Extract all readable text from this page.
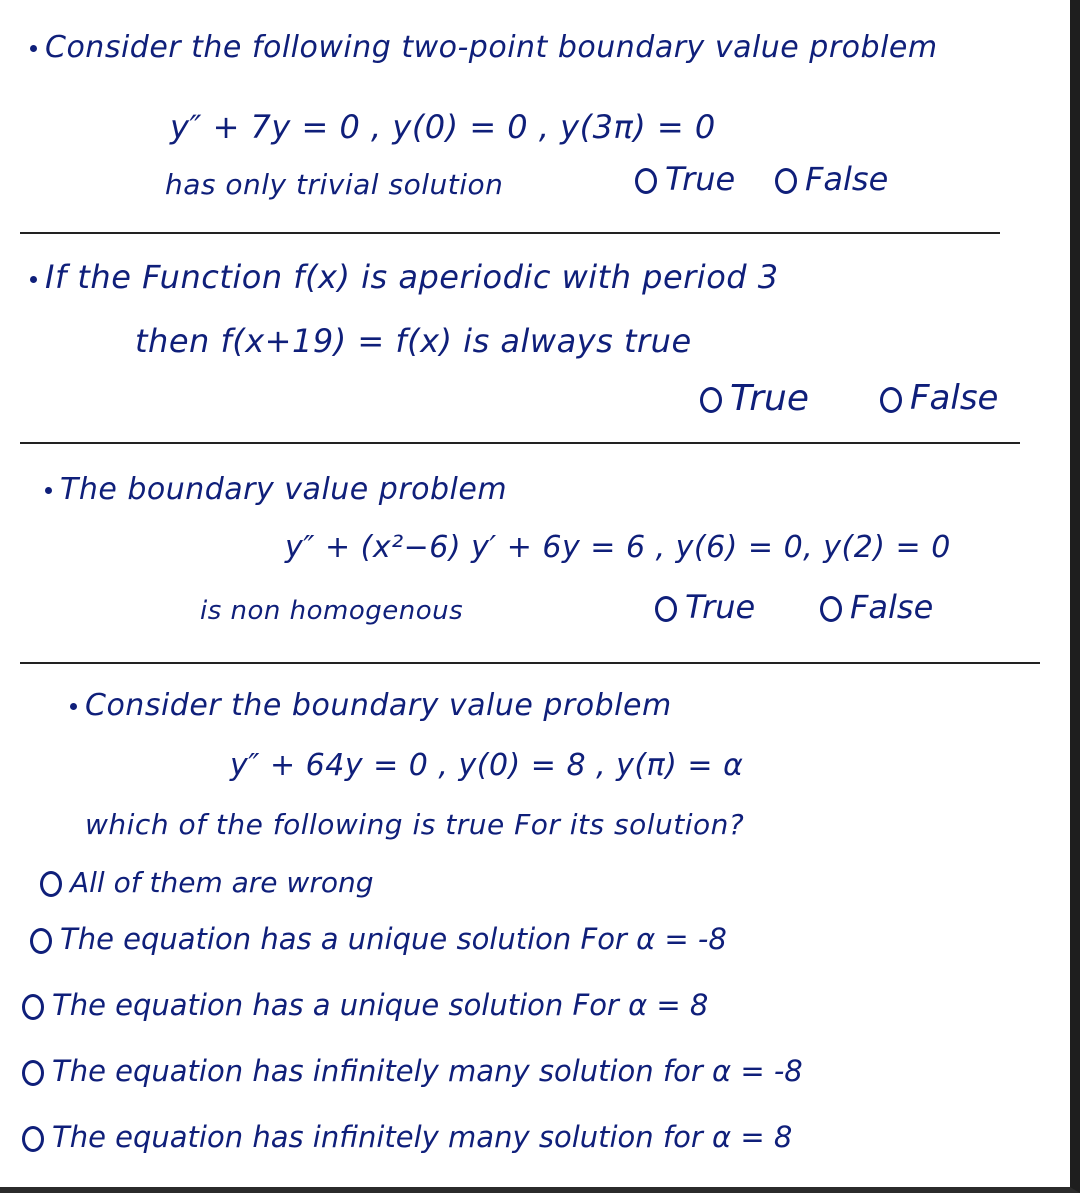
Consider the following two-point boundary value problem
y″ + 7y = 0 , y(0) = 0 , y(3π) = 0
has only trivial solution	True	False
If the Function f(x) is aperiodic with period 3
then f(x+19) = f(x) is always true
True	False
The boundary value problem
y″ + (x²−6) y′ + 6y = 6 , y(6) = 0, y(2) = 0
is non homogenous	True	False
Consider the boundary value problem
y″ + 64y = 0 , y(0) = 8 , y(π) = α
which of the following is true For its solution?
All of them are wrong
The equation has a unique solution For α = -8
The equation has a unique solution For α = 8
The equation has infinitely many solution for α = -8
The equation has infinitely many solution for α = 8
